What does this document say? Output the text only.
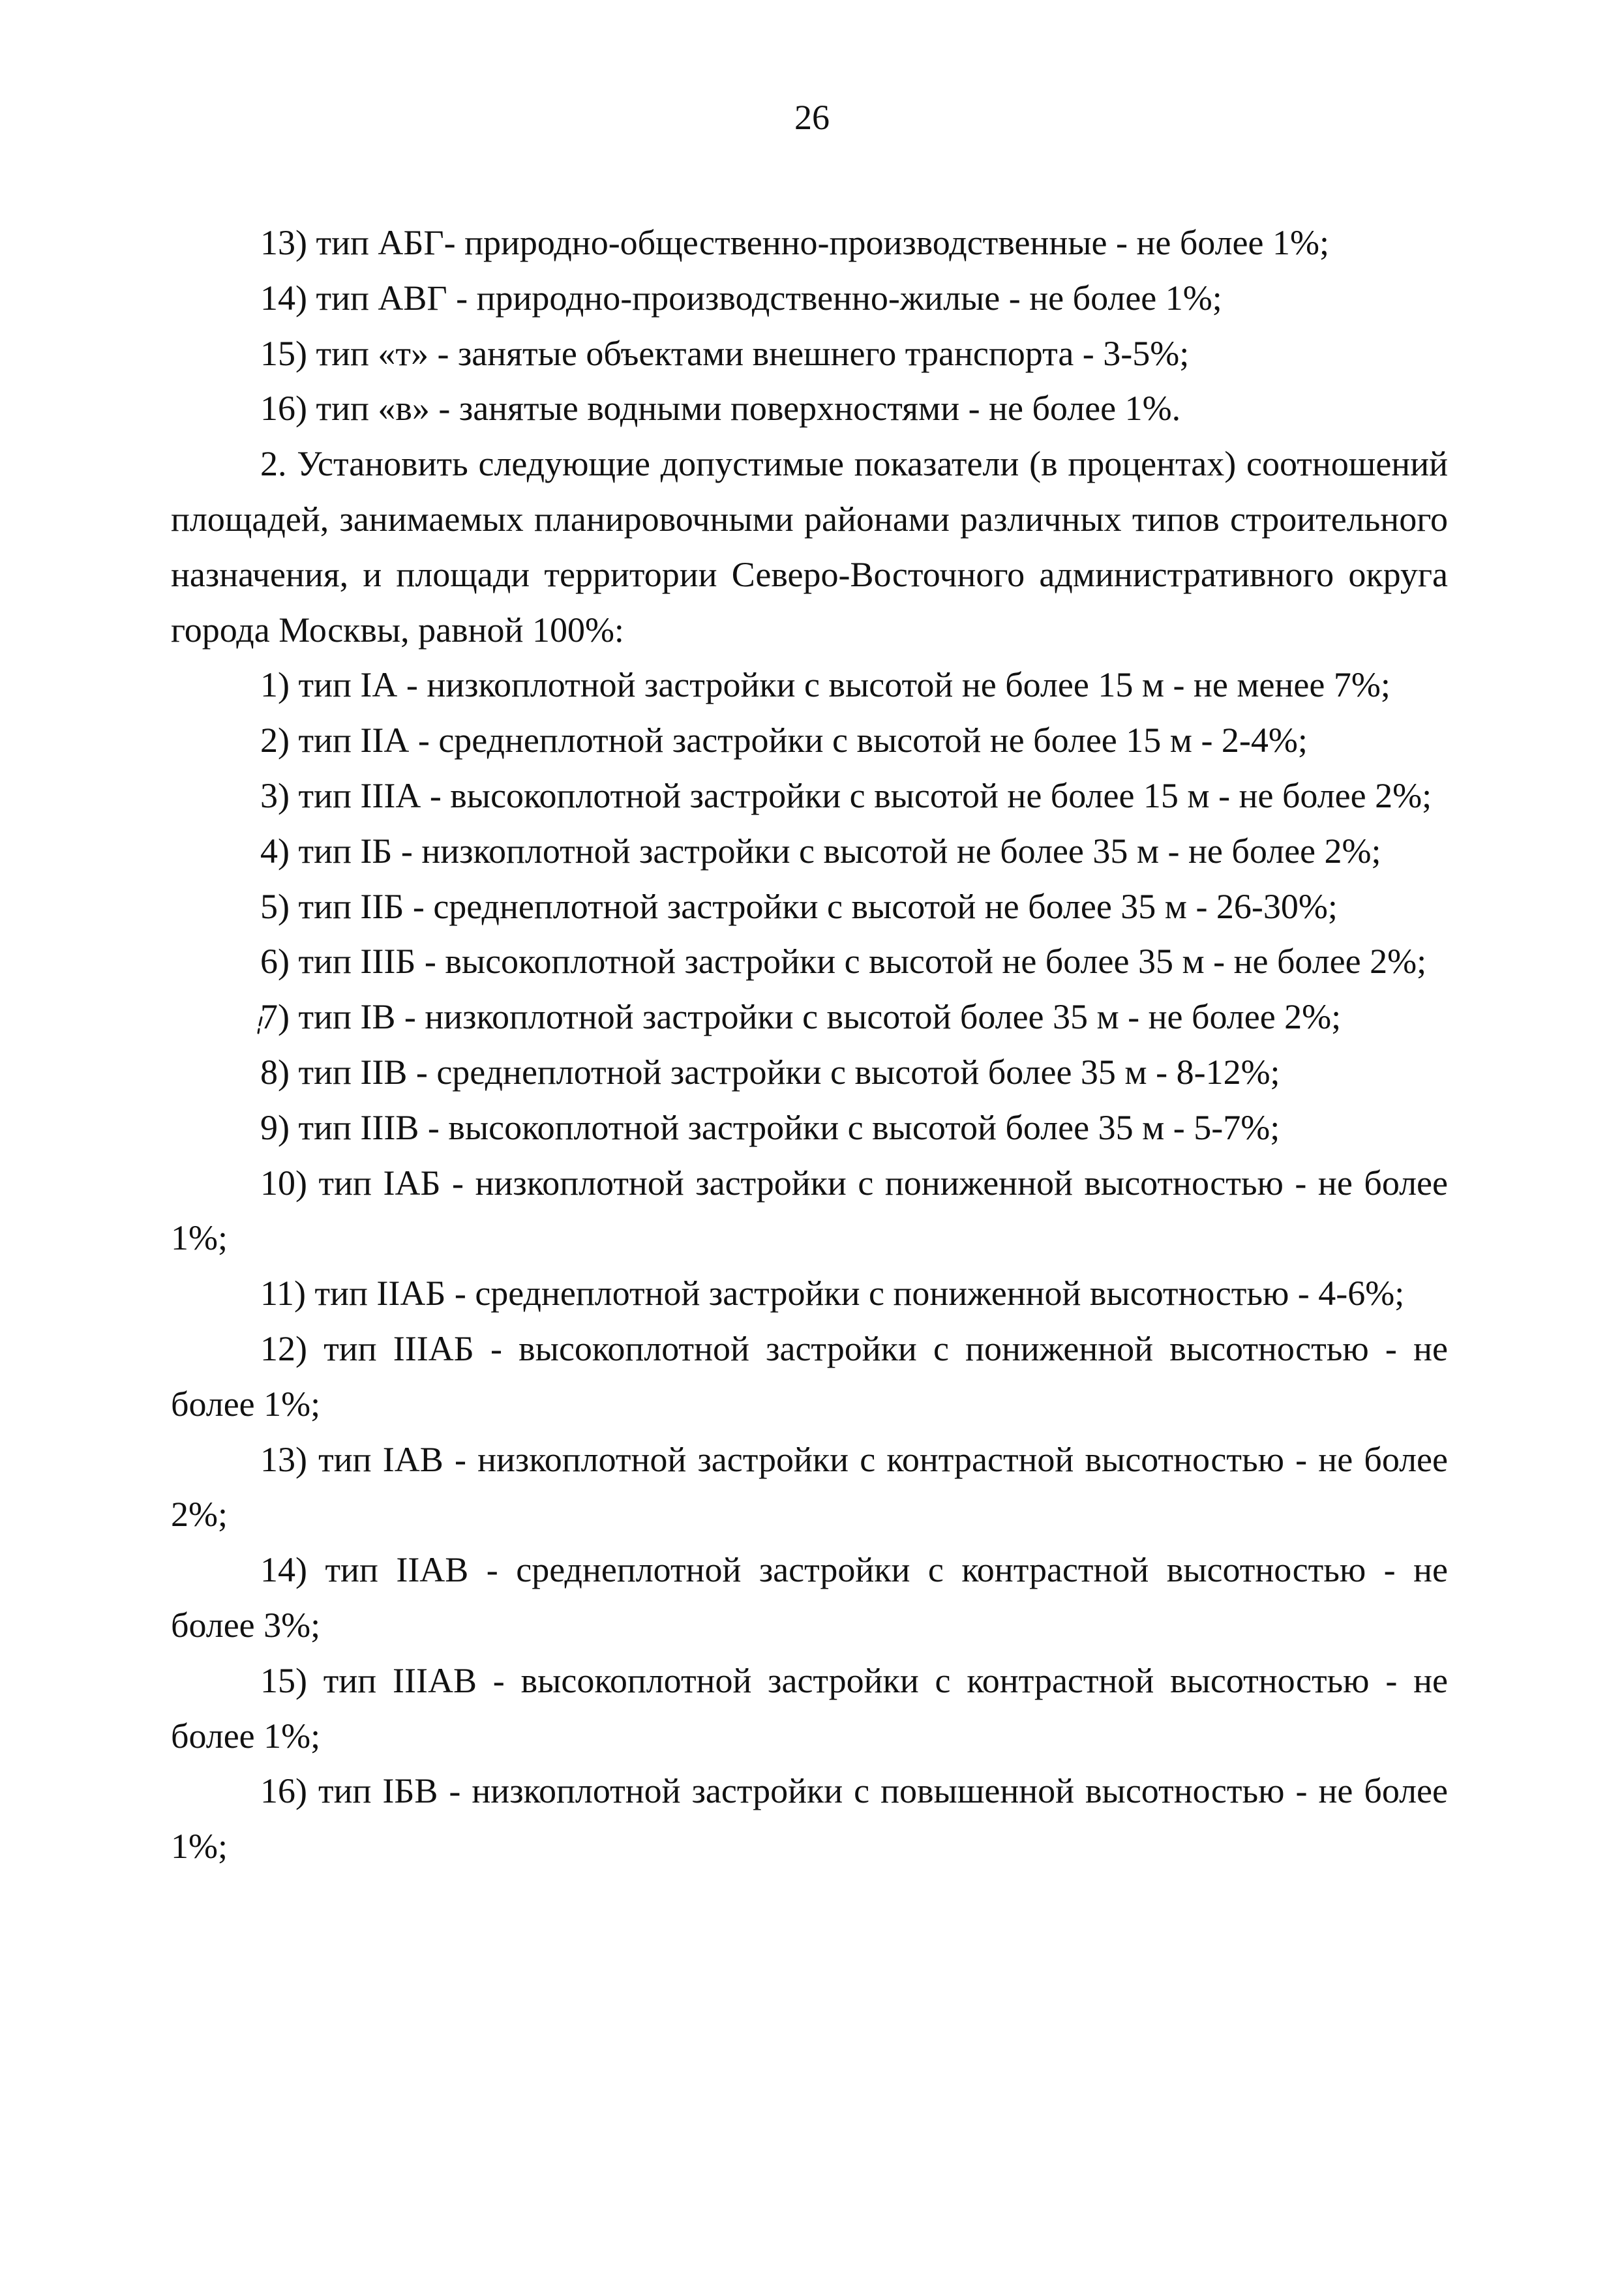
26

13) тип АБГ- природно-общественно-производственные - не более 1%;

14) тип АВГ - природно-производственно-жилые - не более 1%;

15) тип «т» - занятые объектами внешнего транспорта - 3-5%;

16) тип «в» - занятые водными поверхностями - не более 1%.

2. Установить следующие допустимые показатели (в процентах) соотношений площадей, занимаемых планировочными районами различных типов строительного назначения, и площади территории Северо-Восточного административного округа города Москвы, равной 100%:

1) тип IА - низкоплотной застройки с высотой не более 15 м - не менее 7%;

2) тип IIА - среднеплотной застройки с высотой не более 15 м - 2-4%;

3) тип IIIА - высокоплотной застройки с высотой не более 15 м - не более 2%;

4) тип IБ - низкоплотной застройки с высотой не более 35 м - не более 2%;

5) тип IIБ - среднеплотной застройки с высотой не более 35 м - 26-30%;

6) тип IIIБ - высокоплотной застройки с высотой не более 35 м - не более 2%;

7) тип IВ - низкоплотной застройки с высотой более 35 м - не более 2%;

8) тип IIВ - среднеплотной застройки с высотой более 35 м - 8-12%;

9) тип IIIВ - высокоплотной застройки с высотой более 35 м - 5-7%;

10) тип IАБ - низкоплотной застройки с пониженной высотностью - не более 1%;

11) тип IIАБ - среднеплотной застройки с пониженной высотностью - 4-6%;

12) тип IIIАБ - высокоплотной застройки с пониженной высотностью - не более 1%;

13) тип IАВ - низкоплотной застройки с контрастной высотностью - не более 2%;

14) тип IIАВ - среднеплотной застройки с контрастной высотностью - не более 3%;

15) тип IIIАВ - высокоплотной застройки с контрастной высотностью - не более 1%;

16) тип IБВ - низкоплотной застройки с повышенной высотностью - не более 1%;
